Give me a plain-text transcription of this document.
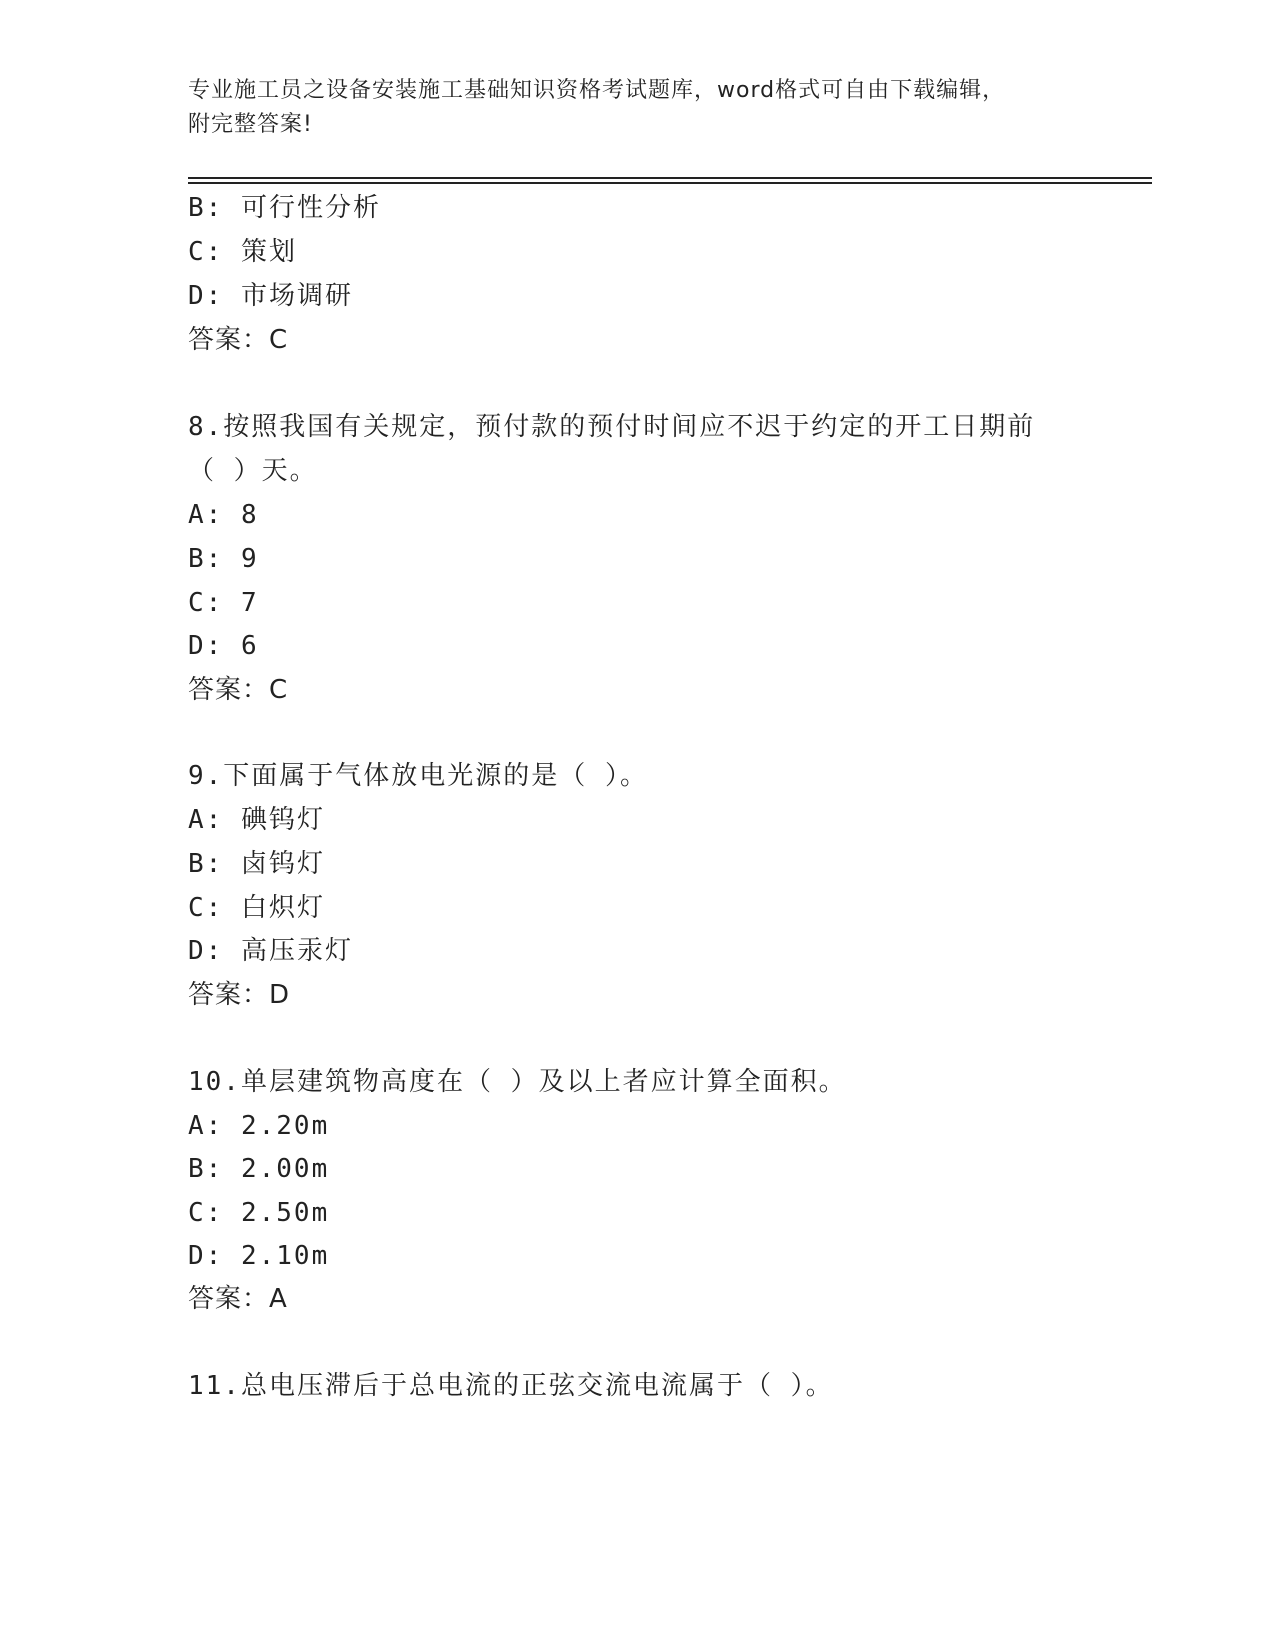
专业施工员之设备安装施工基础知识资格考试题库，word格式可自由下载编辑，
附完整答案!
B: 可行性分析
C: 策划
D: 市场调研
答案：C
8.按照我国有关规定，预付款的预付时间应不迟于约定的开工日期前
（ ）天。
A: 8
B: 9
C: 7
D: 6
答案：C
9.下面属于气体放电光源的是（ ）。
A: 碘钨灯
B: 卤钨灯
C: 白炽灯
D: 高压汞灯
答案：D
10.单层建筑物高度在（ ）及以上者应计算全面积。
A: 2.20m
B: 2.00m
C: 2.50m
D: 2.10m
答案：A
11.总电压滞后于总电流的正弦交流电流属于（ ）。
